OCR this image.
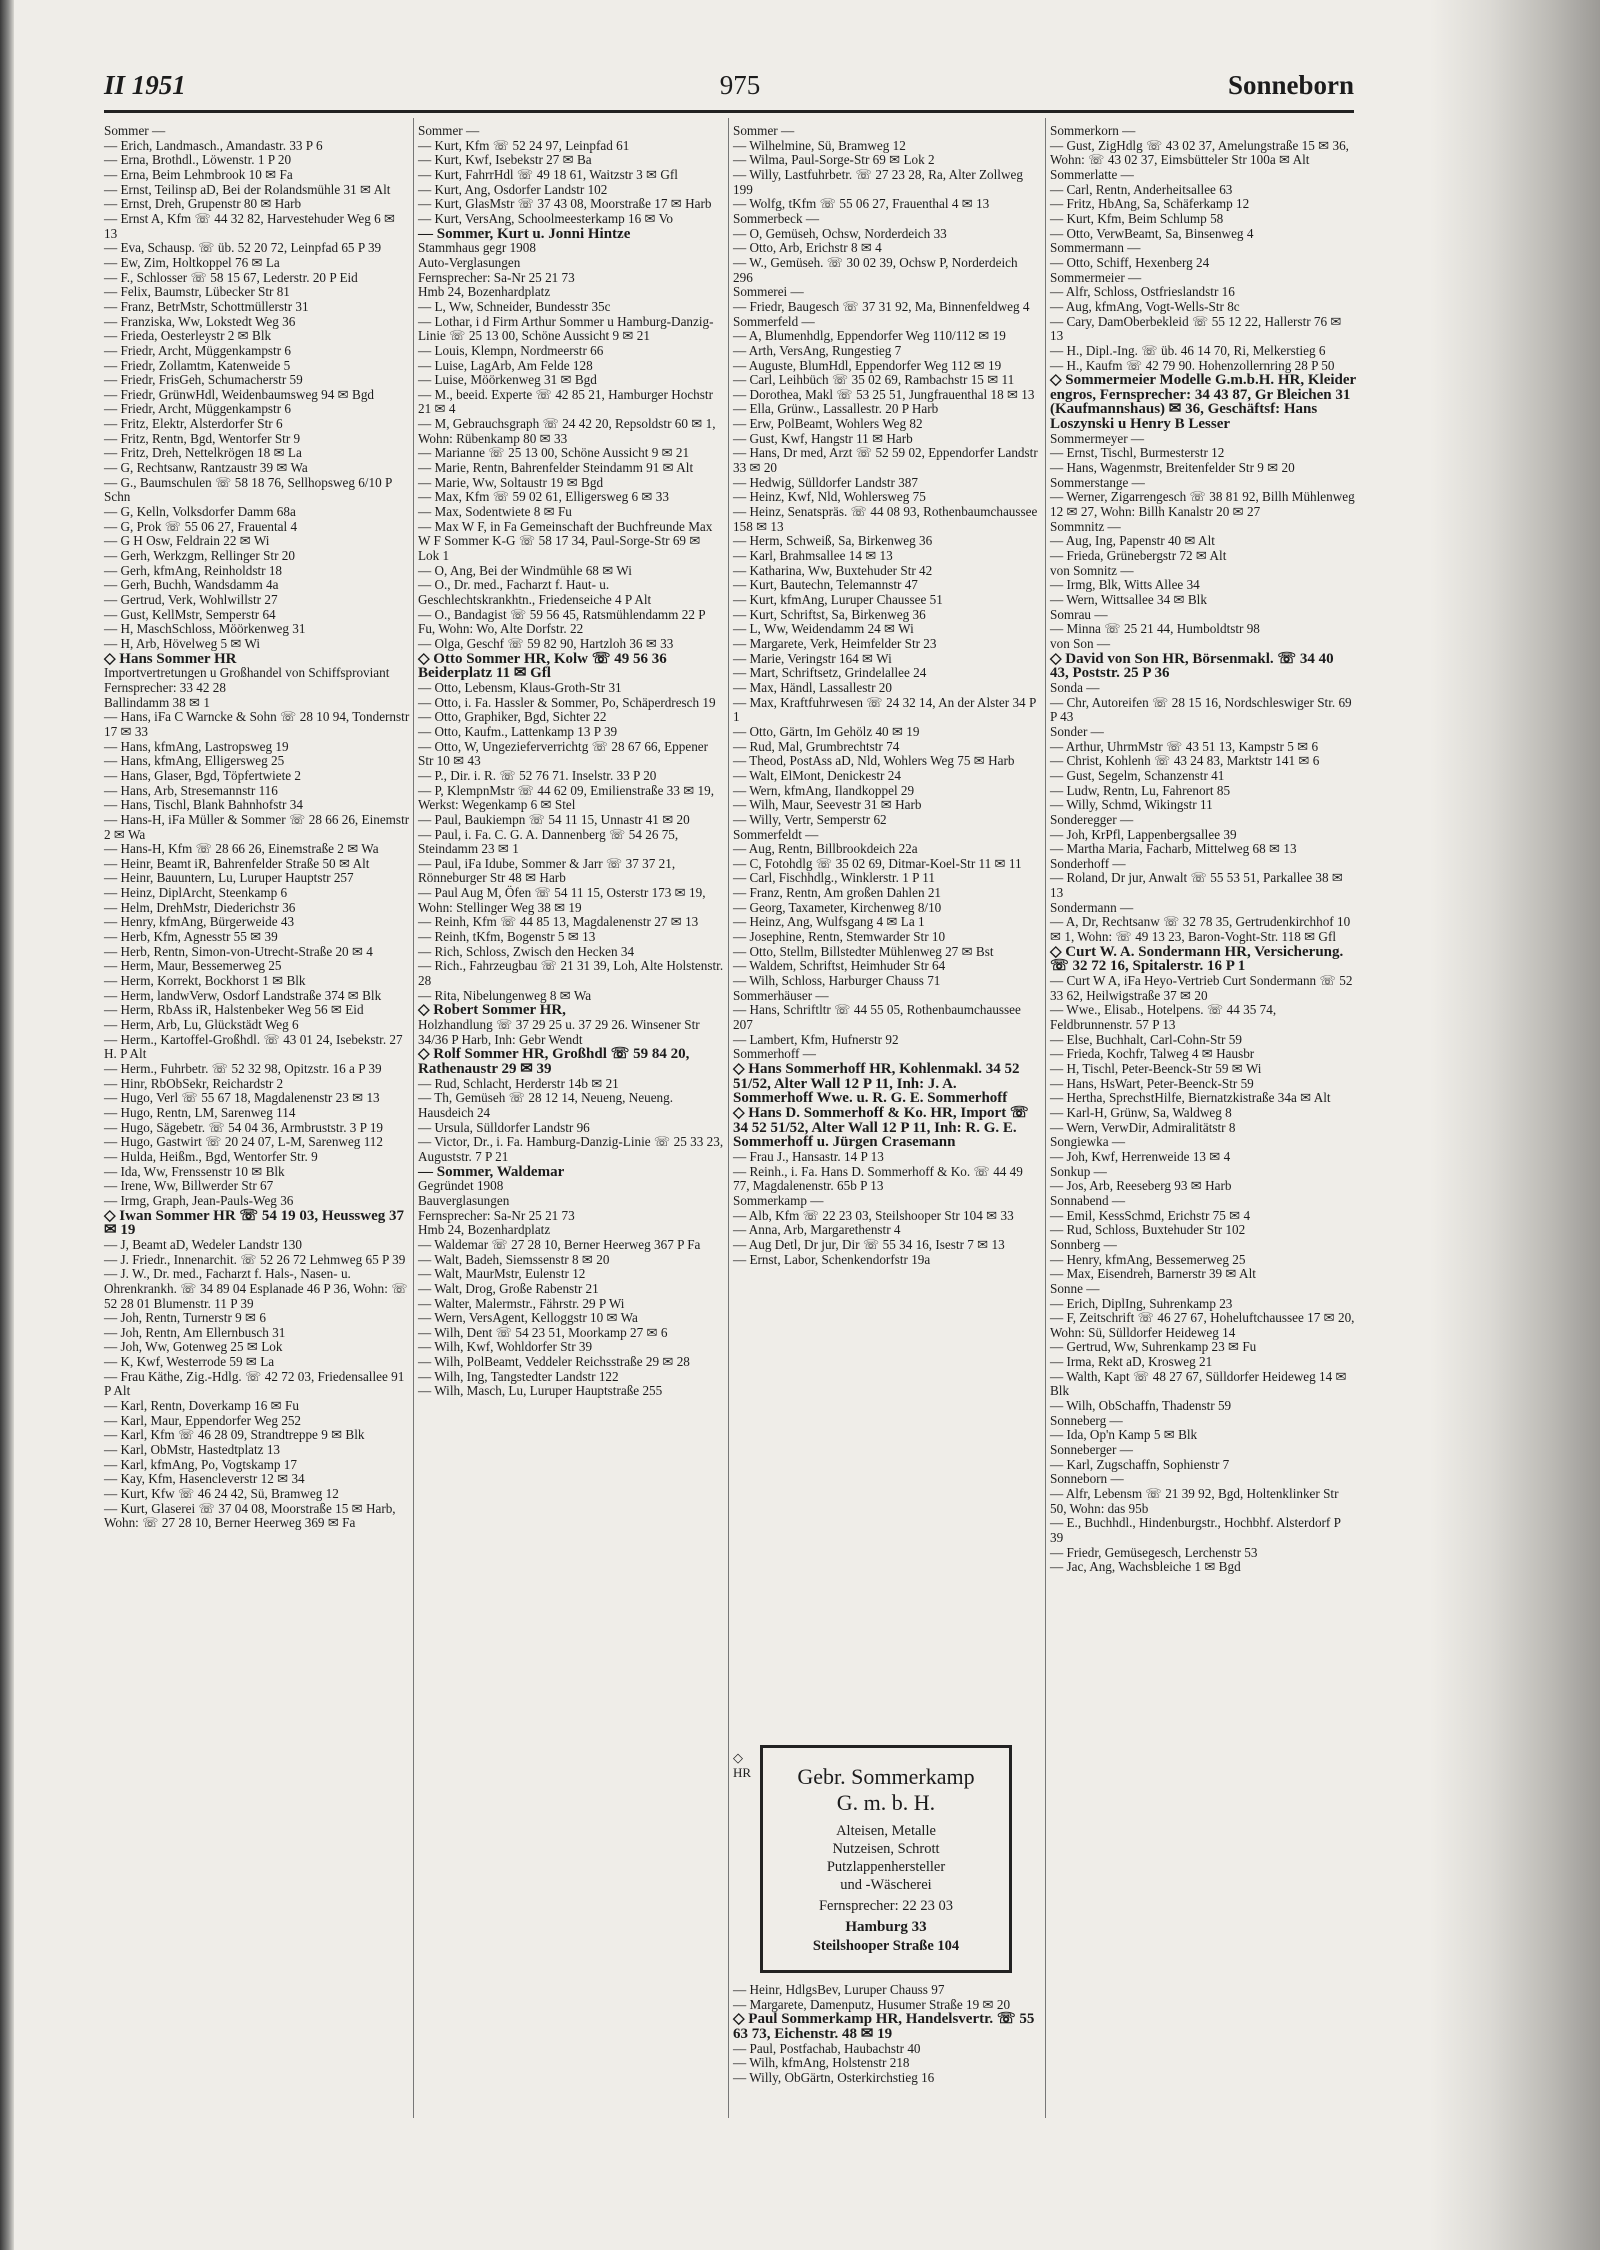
II 1951	975	Sonneborn
Sommer —
— Erich, Landmasch., Amandastr. 33 P 6
— Erna, Brothdl., Löwenstr. 1 P 20
— Erna, Beim Lehmbrook 10 ✉ Fa
— Ernst, Teilinsp aD, Bei der Rolandsmühle 31 ✉ Alt
— Ernst, Dreh, Grupenstr 80 ✉ Harb
— Ernst A, Kfm ☏ 44 32 82, Harvestehuder Weg 6 ✉ 13
— Eva, Schausp. ☏ üb. 52 20 72, Leinpfad 65 P 39
— Ew, Zim, Holtkoppel 76 ✉ La
— F., Schlosser ☏ 58 15 67, Lederstr. 20 P Eid
— Felix, Baumstr, Lübecker Str 81
— Franz, BetrMstr, Schottmüllerstr 31
— Franziska, Ww, Lokstedt Weg 36
— Frieda, Oesterleystr 2 ✉ Blk
— Friedr, Archt, Müggenkampstr 6
— Friedr, Zollamtm, Katenweide 5
— Friedr, FrisGeh, Schumacherstr 59
— Friedr, GrünwHdl, Weidenbaumsweg 94 ✉ Bgd
— Friedr, Archt, Müggenkampstr 6
— Fritz, Elektr, Alsterdorfer Str 6
— Fritz, Rentn, Bgd, Wentorfer Str 9
— Fritz, Dreh, Nettelkrögen 18 ✉ La
— G, Rechtsanw, Rantzaustr 39 ✉ Wa
— G., Baumschulen ☏ 58 18 76, Sellhopsweg 6/10 P Schn
— G, Kelln, Volksdorfer Damm 68a
— G, Prok ☏ 55 06 27, Frauental 4
— G H Osw, Feldrain 22 ✉ Wi
— Gerh, Werkzgm, Rellinger Str 20
— Gerh, kfmAng, Reinholdstr 18
— Gerh, Buchh, Wandsdamm 4a
— Gertrud, Verk, Wohlwillstr 27
— Gust, KellMstr, Semperstr 64
— H, MaschSchloss, Möörkenweg 31
— H, Arb, Hövelweg 5 ✉ Wi
◇ Hans Sommer HR
Importvertretungen u Großhandel von Schiffsproviant
Fernsprecher: 33 42 28
Ballindamm 38 ✉ 1
— Hans, iFa C Warncke & Sohn ☏ 28 10 94, Tondernstr 17 ✉ 33
— Hans, kfmAng, Lastropsweg 19
— Hans, kfmAng, Elligersweg 25
— Hans, Glaser, Bgd, Töpfertwiete 2
— Hans, Arb, Stresemannstr 116
— Hans, Tischl, Blank Bahnhofstr 34
— Hans-H, iFa Müller & Sommer ☏ 28 66 26, Einemstr 2 ✉ Wa
— Hans-H, Kfm ☏ 28 66 26, Einemstraße 2 ✉ Wa
— Heinr, Beamt iR, Bahrenfelder Straße 50 ✉ Alt
— Heinr, Bauuntern, Lu, Luruper Hauptstr 257
— Heinz, DiplArcht, Steenkamp 6
— Helm, DrehMstr, Diederichstr 36
— Henry, kfmAng, Bürgerweide 43
— Herb, Kfm, Agnesstr 55 ✉ 39
— Herb, Rentn, Simon-von-Utrecht-Straße 20 ✉ 4
— Herm, Maur, Bessemerweg 25
— Herm, Korrekt, Bockhorst 1 ✉ Blk
— Herm, landwVerw, Osdorf Landstraße 374 ✉ Blk
— Herm, RbAss iR, Halstenbeker Weg 56 ✉ Eid
— Herm, Arb, Lu, Glückstädt Weg 6
— Herm., Kartoffel-Großhdl. ☏ 43 01 24, Isebekstr. 27 H. P Alt
— Herm., Fuhrbetr. ☏ 52 32 98, Opitzstr. 16 a P 39
— Hinr, RbObSekr, Reichardstr 2
— Hugo, Verl ☏ 55 67 18, Magdalenenstr 23 ✉ 13
— Hugo, Rentn, LM, Sarenweg 114
— Hugo, Sägebetr. ☏ 54 04 36, Armbruststr. 3 P 19
— Hugo, Gastwirt ☏ 20 24 07, L-M, Sarenweg 112
— Hulda, Heißm., Bgd, Wentorfer Str. 9
— Ida, Ww, Frenssenstr 10 ✉ Blk
— Irene, Ww, Billwerder Str 67
— Irmg, Graph, Jean-Pauls-Weg 36
◇ Iwan Sommer HR ☏ 54 19 03, Heussweg 37 ✉ 19
— J, Beamt aD, Wedeler Landstr 130
— J. Friedr., Innenarchit. ☏ 52 26 72 Lehmweg 65 P 39
— J. W., Dr. med., Facharzt f. Hals-, Nasen- u. Ohrenkrankh. ☏ 34 89 04 Esplanade 46 P 36, Wohn: ☏ 52 28 01 Blumenstr. 11 P 39
— Joh, Rentn, Turnerstr 9 ✉ 6
— Joh, Rentn, Am Ellernbusch 31
— Joh, Ww, Gotenweg 25 ✉ Lok
— K, Kwf, Westerrode 59 ✉ La
— Frau Käthe, Zig.-Hdlg. ☏ 42 72 03, Friedensallee 91 P Alt
— Karl, Rentn, Doverkamp 16 ✉ Fu
— Karl, Maur, Eppendorfer Weg 252
— Karl, Kfm ☏ 46 28 09, Strandtreppe 9 ✉ Blk
— Karl, ObMstr, Hastedtplatz 13
— Karl, kfmAng, Po, Vogtskamp 17
— Kay, Kfm, Hasencleverstr 12 ✉ 34
— Kurt, Kfw ☏ 46 24 42, Sü, Bramweg 12
— Kurt, Glaserei ☏ 37 04 08, Moorstraße 15 ✉ Harb, Wohn: ☏ 27 28 10, Berner Heerweg 369 ✉ Fa
Sommer —
— Kurt, Kfm ☏ 52 24 97, Leinpfad 61
— Kurt, Kwf, Isebekstr 27 ✉ Ba
— Kurt, FahrrHdl ☏ 49 18 61, Waitzstr 3 ✉ Gfl
— Kurt, Ang, Osdorfer Landstr 102
— Kurt, GlasMstr ☏ 37 43 08, Moorstraße 17 ✉ Harb
— Kurt, VersAng, Schoolmeesterkamp 16 ✉ Vo
— Sommer, Kurt u. Jonni Hintze
Stammhaus gegr 1908
Auto-Verglasungen
Fernsprecher: Sa-Nr 25 21 73
Hmb 24, Bozenhardplatz
— L, Ww, Schneider, Bundesstr 35c
— Lothar, i d Firm Arthur Sommer u Hamburg-Danzig-Linie ☏ 25 13 00, Schöne Aussicht 9 ✉ 21
— Louis, Klempn, Nordmeerstr 66
— Luise, LagArb, Am Felde 128
— Luise, Möörkenweg 31 ✉ Bgd
— M., beeid. Experte ☏ 42 85 21, Hamburger Hochstr 21 ✉ 4
— M, Gebrauchsgraph ☏ 24 42 20, Repsoldstr 60 ✉ 1, Wohn: Rübenkamp 80 ✉ 33
— Marianne ☏ 25 13 00, Schöne Aussicht 9 ✉ 21
— Marie, Rentn, Bahrenfelder Steindamm 91 ✉ Alt
— Marie, Ww, Soltaustr 19 ✉ Bgd
— Max, Kfm ☏ 59 02 61, Elligersweg 6 ✉ 33
— Max, Sodentwiete 8 ✉ Fu
— Max W F, in Fa Gemeinschaft der Buchfreunde Max W F Sommer K-G ☏ 58 17 34, Paul-Sorge-Str 69 ✉ Lok 1
— O, Ang, Bei der Windmühle 68 ✉ Wi
— O., Dr. med., Facharzt f. Haut- u. Geschlechtskrankhtn., Friedenseiche 4 P Alt
— O., Bandagist ☏ 59 56 45, Ratsmühlendamm 22 P Fu, Wohn: Wo, Alte Dorfstr. 22
— Olga, Geschf ☏ 59 82 90, Hartzloh 36 ✉ 33
◇ Otto Sommer HR, Kolw ☏ 49 56 36 Beiderplatz 11 ✉ Gfl
— Otto, Lebensm, Klaus-Groth-Str 31
— Otto, i. Fa. Hassler & Sommer, Po, Schäperdresch 19
— Otto, Graphiker, Bgd, Sichter 22
— Otto, Kaufm., Lattenkamp 13 P 39
— Otto, W, Ungezieferverrichtg ☏ 28 67 66, Eppener Str 10 ✉ 43
— P., Dir. i. R. ☏ 52 76 71. Inselstr. 33 P 20
— P, KlempnMstr ☏ 44 62 09, Emilienstraße 33 ✉ 19, Werkst: Wegenkamp 6 ✉ Stel
— Paul, Baukiempn ☏ 54 11 15, Unnastr 41 ✉ 20
— Paul, i. Fa. C. G. A. Dannenberg ☏ 54 26 75, Steindamm 23 ✉ 1
— Paul, iFa Idube, Sommer & Jarr ☏ 37 37 21, Rönneburger Str 48 ✉ Harb
— Paul Aug M, Öfen ☏ 54 11 15, Osterstr 173 ✉ 19, Wohn: Stellinger Weg 38 ✉ 19
— Reinh, Kfm ☏ 44 85 13, Magdalenenstr 27 ✉ 13
— Reinh, tKfm, Bogenstr 5 ✉ 13
— Rich, Schloss, Zwisch den Hecken 34
— Rich., Fahrzeugbau ☏ 21 31 39, Loh, Alte Holstenstr. 28
— Rita, Nibelungenweg 8 ✉ Wa
◇ Robert Sommer HR,
Holzhandlung ☏ 37 29 25 u. 37 29 26. Winsener Str 34/36 P Harb, Inh: Gebr Wendt
◇ Rolf Sommer HR, Großhdl ☏ 59 84 20, Rathenaustr 29 ✉ 39
— Rud, Schlacht, Herderstr 14b ✉ 21
— Th, Gemüseh ☏ 28 12 14, Neueng, Neueng. Hausdeich 24
— Ursula, Sülldorfer Landstr 96
— Victor, Dr., i. Fa. Hamburg-Danzig-Linie ☏ 25 33 23, Auguststr. 7 P 21
— Sommer, Waldemar
Gegründet 1908
Bauverglasungen
Fernsprecher: Sa-Nr 25 21 73
Hmb 24, Bozenhardplatz
— Waldemar ☏ 27 28 10, Berner Heerweg 367 P Fa
— Walt, Badeh, Siemssenstr 8 ✉ 20
— Walt, MaurMstr, Eulenstr 12
— Walt, Drog, Große Rabenstr 21
— Walter, Malermstr., Fährstr. 29 P Wi
— Wern, VersAgent, Kelloggstr 10 ✉ Wa
— Wilh, Dent ☏ 54 23 51, Moorkamp 27 ✉ 6
— Wilh, Kwf, Wohldorfer Str 39
— Wilh, PolBeamt, Veddeler Reichsstraße 29 ✉ 28
— Wilh, Ing, Tangstedter Landstr 122
— Wilh, Masch, Lu, Luruper Hauptstraße 255
Sommer —
— Wilhelmine, Sü, Bramweg 12
— Wilma, Paul-Sorge-Str 69 ✉ Lok 2
— Willy, Lastfuhrbetr. ☏ 27 23 28, Ra, Alter Zollweg 199
— Wolfg, tKfm ☏ 55 06 27, Frauenthal 4 ✉ 13
Sommerbeck —
— O, Gemüseh, Ochsw, Norderdeich 33
— Otto, Arb, Erichstr 8 ✉ 4
— W., Gemüseh. ☏ 30 02 39, Ochsw P, Norderdeich 296
Sommerei —
— Friedr, Baugesch ☏ 37 31 92, Ma, Binnenfeldweg 4
Sommerfeld —
— A, Blumenhdlg, Eppendorfer Weg 110/112 ✉ 19
— Arth, VersAng, Rungestieg 7
— Auguste, BlumHdl, Eppendorfer Weg 112 ✉ 19
— Carl, Leihbüch ☏ 35 02 69, Rambachstr 15 ✉ 11
— Dorothea, Makl ☏ 53 25 51, Jungfrauenthal 18 ✉ 13
— Ella, Grünw., Lassallestr. 20 P Harb
— Erw, PolBeamt, Wohlers Weg 82
— Gust, Kwf, Hangstr 11 ✉ Harb
— Hans, Dr med, Arzt ☏ 52 59 02, Eppendorfer Landstr 33 ✉ 20
— Hedwig, Sülldorfer Landstr 387
— Heinz, Kwf, Nld, Wohlersweg 75
— Heinz, Senatspräs. ☏ 44 08 93, Rothenbaumchaussee 158 ✉ 13
— Herm, Schweiß, Sa, Birkenweg 36
— Karl, Brahmsallee 14 ✉ 13
— Katharina, Ww, Buxtehuder Str 42
— Kurt, Bautechn, Telemannstr 47
— Kurt, kfmAng, Luruper Chaussee 51
— Kurt, Schriftst, Sa, Birkenweg 36
— L, Ww, Weidendamm 24 ✉ Wi
— Margarete, Verk, Heimfelder Str 23
— Marie, Veringstr 164 ✉ Wi
— Mart, Schriftsetz, Grindelallee 24
— Max, Händl, Lassallestr 20
— Max, Kraftfuhrwesen ☏ 24 32 14, An der Alster 34 P 1
— Otto, Gärtn, Im Gehölz 40 ✉ 19
— Rud, Mal, Grumbrechtstr 74
— Theod, PostAss aD, Nld, Wohlers Weg 75 ✉ Harb
— Walt, ElMont, Denickestr 24
— Wern, kfmAng, Ilandkoppel 29
— Wilh, Maur, Seevestr 31 ✉ Harb
— Willy, Vertr, Semperstr 62
Sommerfeldt —
— Aug, Rentn, Billbrookdeich 22a
— C, Fotohdlg ☏ 35 02 69, Ditmar-Koel-Str 11 ✉ 11
— Carl, Fischhdlg., Winklerstr. 1 P 11
— Franz, Rentn, Am großen Dahlen 21
— Georg, Taxameter, Kirchenweg 8/10
— Heinz, Ang, Wulfsgang 4 ✉ La 1
— Josephine, Rentn, Stemwarder Str 10
— Otto, Stellm, Billstedter Mühlenweg 27 ✉ Bst
— Waldem, Schriftst, Heimhuder Str 64
— Wilh, Schloss, Harburger Chauss 71
Sommerhäuser —
— Hans, Schriftltr ☏ 44 55 05, Rothenbaumchaussee 207
— Lambert, Kfm, Hufnerstr 92
Sommerhoff —
◇ Hans Sommerhoff HR, Kohlenmakl. 34 52 51/52, Alter Wall 12 P 11, Inh: J. A. Sommerhoff Wwe. u. R. G. E. Sommerhoff
◇ Hans D. Sommerhoff & Ko. HR, Import ☏ 34 52 51/52, Alter Wall 12 P 11, Inh: R. G. E. Sommerhoff u. Jürgen Crasemann
— Frau J., Hansastr. 14 P 13
— Reinh., i. Fa. Hans D. Sommerhoff & Ko. ☏ 44 49 77, Magdalenenstr. 65b P 13
Sommerkamp —
— Alb, Kfm ☏ 22 23 03, Steilshooper Str 104 ✉ 33
— Anna, Arb, Margarethenstr 4
— Aug Detl, Dr jur, Dir ☏ 55 34 16, Isestr 7 ✉ 13
— Ernst, Labor, Schenkendorfstr 19a
Sommerkorn —
— Gust, ZigHdlg ☏ 43 02 37, Amelungstraße 15 ✉ 36, Wohn: ☏ 43 02 37, Eimsbütteler Str 100a ✉ Alt
Sommerlatte —
— Carl, Rentn, Anderheitsallee 63
— Fritz, HbAng, Sa, Schäferkamp 12
— Kurt, Kfm, Beim Schlump 58
— Otto, VerwBeamt, Sa, Binsenweg 4
Sommermann —
— Otto, Schiff, Hexenberg 24
Sommermeier —
— Alfr, Schloss, Ostfrieslandstr 16
— Aug, kfmAng, Vogt-Wells-Str 8c
— Cary, DamOberbekleid ☏ 55 12 22, Hallerstr 76 ✉ 13
— H., Dipl.-Ing. ☏ üb. 46 14 70, Ri, Melkerstieg 6
— H., Kaufm ☏ 42 79 90. Hohenzollernring 28 P 50
◇ Sommermeier Modelle G.m.b.H. HR, Kleider engros, Fernsprecher: 34 43 87, Gr Bleichen 31 (Kaufmannshaus) ✉ 36, Geschäftsf: Hans Loszynski u Henry B Lesser
Sommermeyer —
— Ernst, Tischl, Burmesterstr 12
— Hans, Wagenmstr, Breitenfelder Str 9 ✉ 20
Sommerstange —
— Werner, Zigarrengesch ☏ 38 81 92, Billh Mühlenweg 12 ✉ 27, Wohn: Billh Kanalstr 20 ✉ 27
Sommnitz —
— Aug, Ing, Papenstr 40 ✉ Alt
— Frieda, Grünebergstr 72 ✉ Alt
von Somnitz —
— Irmg, Blk, Witts Allee 34
— Wern, Wittsallee 34 ✉ Blk
Somrau —
— Minna ☏ 25 21 44, Humboldtstr 98
von Son —
◇ David von Son HR, Börsenmakl. ☏ 34 40 43, Poststr. 25 P 36
Sonda —
— Chr, Autoreifen ☏ 28 15 16, Nordschleswiger Str. 69 P 43
Sonder —
— Arthur, UhrmMstr ☏ 43 51 13, Kampstr 5 ✉ 6
— Christ, Kohlenh ☏ 43 24 83, Marktstr 141 ✉ 6
— Gust, Segelm, Schanzenstr 41
— Ludw, Rentn, Lu, Fahrenort 85
— Willy, Schmd, Wikingstr 11
Sonderegger —
— Joh, KrPfl, Lappenbergsallee 39
— Martha Maria, Facharb, Mittelweg 68 ✉ 13
Sonderhoff —
— Roland, Dr jur, Anwalt ☏ 55 53 51, Parkallee 38 ✉ 13
Sondermann —
— A, Dr, Rechtsanw ☏ 32 78 35, Gertrudenkirchhof 10 ✉ 1, Wohn: ☏ 49 13 23, Baron-Voght-Str. 118 ✉ Gfl
◇ Curt W. A. Sondermann HR, Versicherung. ☏ 32 72 16, Spitalerstr. 16 P 1
— Curt W A, iFa Heyo-Vertrieb Curt Sondermann ☏ 52 33 62, Heilwigstraße 37 ✉ 20
— Wwe., Elisab., Hotelpens. ☏ 44 35 74, Feldbrunnenstr. 57 P 13
— Else, Buchhalt, Carl-Cohn-Str 59
— Frieda, Kochfr, Talweg 4 ✉ Hausbr
— H, Tischl, Peter-Beenck-Str 59 ✉ Wi
— Hans, HsWart, Peter-Beenck-Str 59
— Hertha, SprechstHilfe, Biernatzkistraße 34a ✉ Alt
— Karl-H, Grünw, Sa, Waldweg 8
— Wern, VerwDir, Admiralitätstr 8
Songiewka —
— Joh, Kwf, Herrenweide 13 ✉ 4
Sonkup —
— Jos, Arb, Reeseberg 93 ✉ Harb
Sonnabend —
— Emil, KessSchmd, Erichstr 75 ✉ 4
— Rud, Schloss, Buxtehuder Str 102
Sonnberg —
— Henry, kfmAng, Bessemerweg 25
— Max, Eisendreh, Barnerstr 39 ✉ Alt
Sonne —
— Erich, DiplIng, Suhrenkamp 23
— F, Zeitschrift ☏ 46 27 67, Hoheluftchaussee 17 ✉ 20, Wohn: Sü, Sülldorfer Heideweg 14
— Gertrud, Ww, Suhrenkamp 23 ✉ Fu
— Irma, Rekt aD, Krosweg 21
— Walth, Kapt ☏ 48 27 67, Sülldorfer Heideweg 14 ✉ Blk
— Wilh, ObSchaffn, Thadenstr 59
Sonneberg —
— Ida, Op'n Kamp 5 ✉ Blk
Sonneberger —
— Karl, Zugschaffn, Sophienstr 7
Sonneborn —
— Alfr, Lebensm ☏ 21 39 92, Bgd, Holtenklinker Str 50, Wohn: das 95b
— E., Buchhdl., Hindenburgstr., Hochbhf. Alsterdorf P 39
— Friedr, Gemüsegesch, Lerchenstr 53
— Jac, Ang, Wachsbleiche 1 ✉ Bgd
◇ HR	Gebr. Sommerkamp
G. m. b. H.
Alteisen, Metalle
Nutzeisen, Schrott
Putzlappenhersteller
und -Wäscherei
Fernsprecher: 22 23 03
Hamburg 33
Steilshooper Straße 104
— Heinr, HdlgsBev, Luruper Chauss 97
— Margarete, Damenputz, Husumer Straße 19 ✉ 20
◇ Paul Sommerkamp HR, Handelsvertr. ☏ 55 63 73, Eichenstr. 48 ✉ 19
— Paul, Postfachab, Haubachstr 40
— Wilh, kfmAng, Holstenstr 218
— Willy, ObGärtn, Osterkirchstieg 16
